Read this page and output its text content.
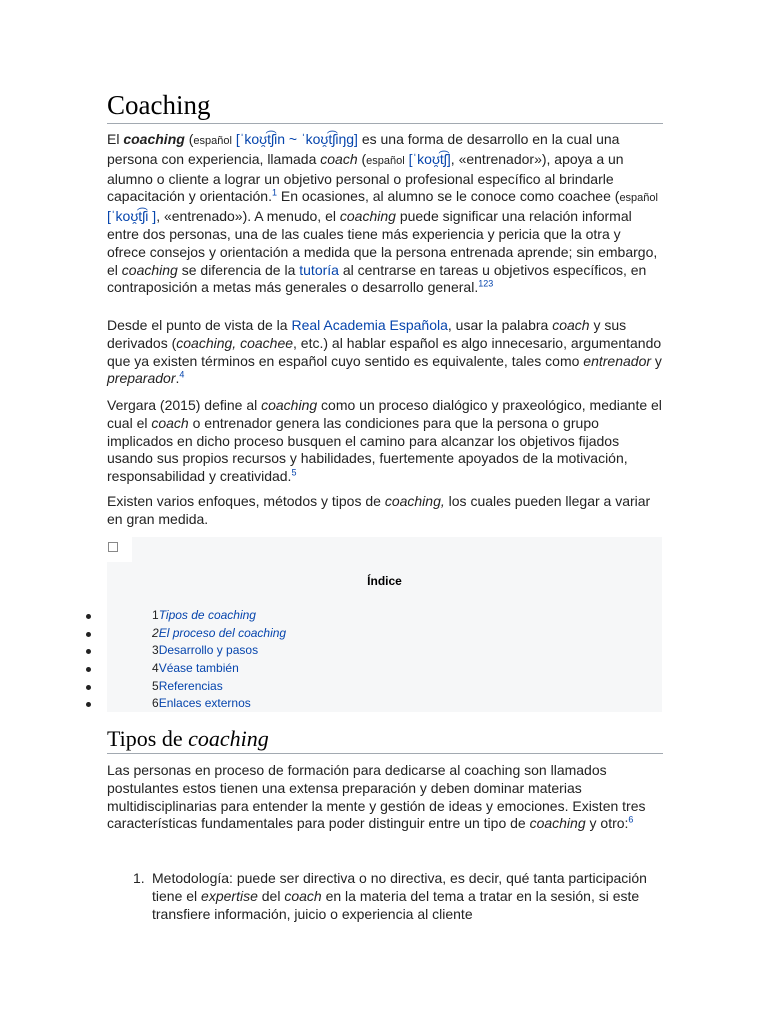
Coaching

El coaching (español [ˈkoʊ̯t͡ʃin ~ ˈkoʊ̯t͡ʃiŋɡ] es una forma de desarrollo en la cual una persona con experiencia, llamada coach (español [ˈkoʊ̯t͡ʃ], «entrenador»), apoya a un alumno o cliente a lograr un objetivo personal o profesional específico al brindarle capacitación y orientación.$^1$ En ocasiones, al alumno se le conoce como coachee (español [ˈkoʊ̯t͡ʃi ], «entrenado»). A menudo, el coaching puede significar una relación informal entre dos personas, una de las cuales tiene más experiencia y pericia que la otra y ofrece consejos y orientación a medida que la persona entrenada aprende; sin embargo, el coaching se diferencia de la tutoría al centrarse en tareas u objetivos específicos, en contraposición a metas más generales o desarrollo general.$^{123}$

Desde el punto de vista de la Real Academia Española, usar la palabra coach y sus derivados (coaching, coachee, etc.) al hablar español es algo innecesario, argumentando que ya existen términos en español cuyo sentido es equivalente, tales como entrenador y preparador.$^4$

Vergara (2015) define al coaching como un proceso dialógico y praxeológico, mediante el cual el coach o entrenador genera las condiciones para que la persona o grupo implicados en dicho proceso busquen el camino para alcanzar los objetivos fijados usando sus propios recursos y habilidades, fuertemente apoyados de la motivación, responsabilidad y creatividad.$^5$

Existen varios enfoques, métodos y tipos de coaching, los cuales pueden llegar a variar en gran medida.

Índice
1Tipos de coaching
2El proceso del coaching
3Desarrollo y pasos
4Véase también
5Referencias
6Enlaces externos
Tipos de coaching

Las personas en proceso de formación para dedicarse al coaching son llamados postulantes estos tienen una extensa preparación y deben dominar materias multidisciplinarias para entender la mente y gestión de ideas y emociones. Existen tres características fundamentales para poder distinguir entre un tipo de coaching y otro:$^6$

1. Metodología: puede ser directiva o no directiva, es decir, qué tanta participación tiene el expertise del coach en la materia del tema a tratar en la sesión, si este transfiere información, juicio o experiencia al cliente
